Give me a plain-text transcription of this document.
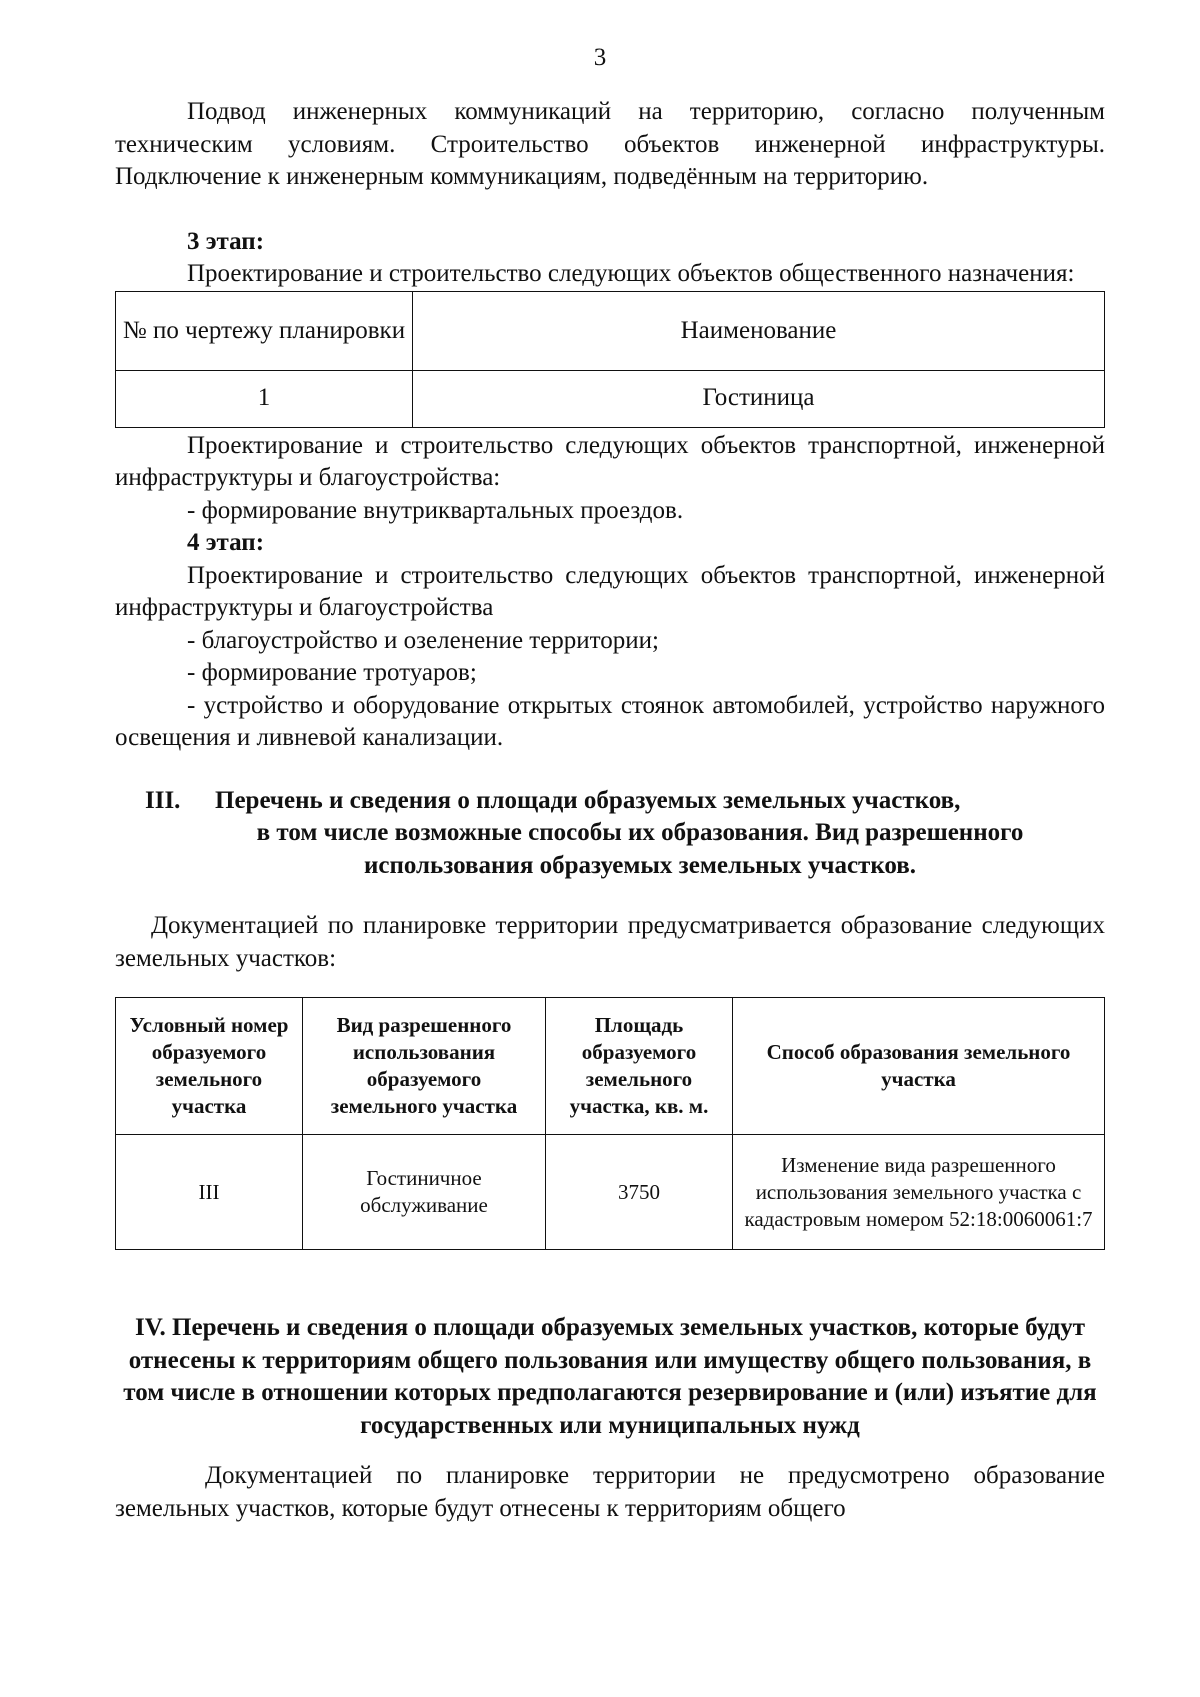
3

Подвод инженерных коммуникаций на территорию, согласно полученным техническим условиям. Строительство объектов инженерной инфраструктуры. Подключение к инженерным коммуникациям, подведённым на территорию.

3 этап:

Проектирование и строительство следующих объектов общественного назначения:

№ по чертежу планировки	Наименование
1	Гостиница

Проектирование и строительство следующих объектов транспортной, инженерной инфраструктуры и благоустройства:

- формирование внутриквартальных проездов.

4 этап:

Проектирование и строительство следующих объектов транспортной, инженерной инфраструктуры и благоустройства

- благоустройство и озеленение территории;

- формирование тротуаров;

- устройство и оборудование открытых стоянок автомобилей, устройство наружного освещения и ливневой канализации.

III.	Перечень и сведения о площади образуемых земельных участков,
в том числе возможные способы их образования. Вид разрешенного
использования образуемых земельных участков.

Документацией по планировке территории предусматривается образование следующих земельных участков:

Условный номер образуемого земельного участка	Вид разрешенного использования образуемого земельного участка	Площадь образуемого земельного участка, кв. м.	Способ образования земельного участка
III	Гостиничное обслуживание	3750	Изменение вида разрешенного использования земельного участка с кадастровым номером 52:18:0060061:7
IV. Перечень и сведения о площади образуемых земельных участков, которые будут отнесены к территориям общего пользования или имуществу общего пользования, в том числе в отношении которых предполагаются резервирование и (или) изъятие для государственных или муниципальных нужд

Документацией по планировке территории не предусмотрено образование земельных участков, которые будут отнесены к территориям общего
